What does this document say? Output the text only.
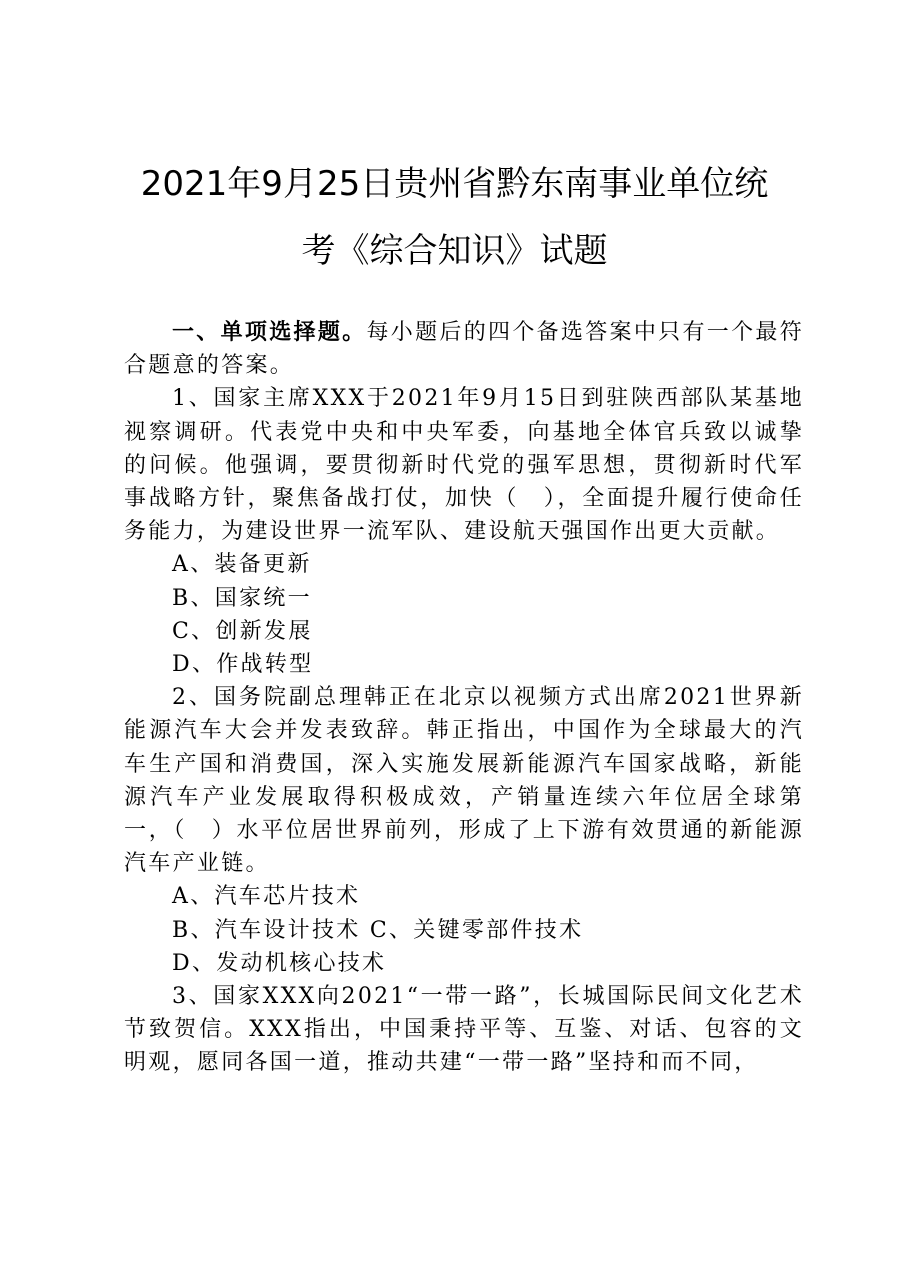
2021年9月25日贵州省黔东南事业单位统
考《综合知识》试题

一、单项选择题。每小题后的四个备选答案中只有一个最符合题意的答案。

1、国家主席XXX于2021年9月15日到驻陕西部队某基地视察调研。代表党中央和中央军委，向基地全体官兵致以诚挚的问候。他强调，要贯彻新时代党的强军思想，贯彻新时代军事战略方针，聚焦备战打仗，加快（　），全面提升履行使命任务能力，为建设世界一流军队、建设航天强国作出更大贡献。

A、装备更新

B、国家统一

C、创新发展

D、作战转型

2、国务院副总理韩正在北京以视频方式出席2021世界新能源汽车大会并发表致辞。韩正指出，中国作为全球最大的汽车生产国和消费国，深入实施发展新能源汽车国家战略，新能源汽车产业发展取得积极成效，产销量连续六年位居全球第一，（　）水平位居世界前列，形成了上下游有效贯通的新能源汽车产业链。

A、汽车芯片技术

B、汽车设计技术 C、关键零部件技术

D、发动机核心技术

3、国家XXX向2021“一带一路”，长城国际民间文化艺术节致贺信。XXX指出，中国秉持平等、互鉴、对话、包容的文明观，愿同各国一道，推动共建“一带一路”坚持和而不同，
